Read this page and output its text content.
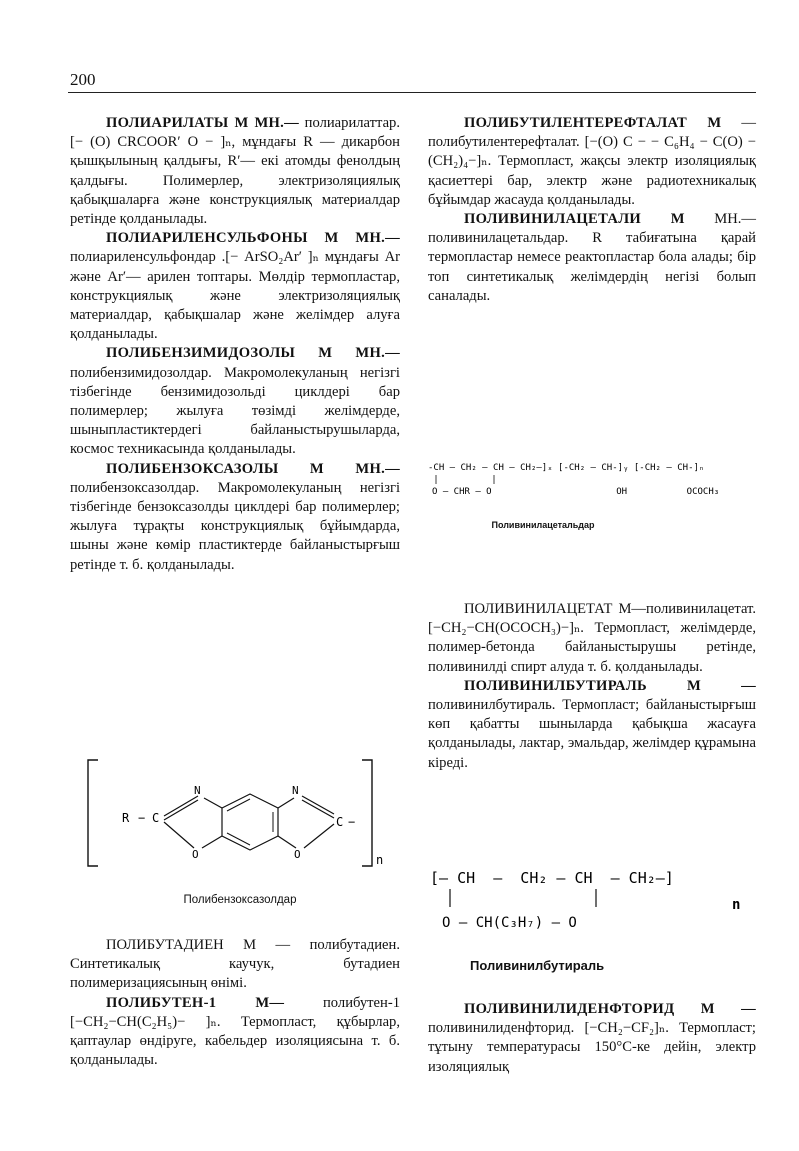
200

ПОЛИАРИЛАТЫ М МН.— полиарилаттар. [− (O) CRCOOR′ O − ]ₙ, мұндағы R — дикарбон қышқылының қалдығы, R′— екі атомды фенолдың қалдығы. Полимерлер, электризоляциялық қабықшаларға және конструкциялық материалдар ретінде қолданылады.

ПОЛИАРИЛЕНСУЛЬФОНЫ М МН.— полиариленсульфондар .[− ArSO₂Ar′ ]ₙ мұндағы Ar және Ar′— арилен топтары. Мөлдір термопластар, конструкциялық және электризоляциялық материалдар, қабықшалар және желімдер алуға қолданылады.

ПОЛИБЕНЗИМИДОЗОЛЫ М МН.— полибензимидозолдар. Макромолекуланың негізгі тізбегінде бензимидозольді циклдері бар полимерлер; жылуға төзімді желімдерде, шыныпластиктердегі байланыстырушыларда, космос техникасында қолданылады.

ПОЛИБЕНЗОКСАЗОЛЫ М МН.— полибензоксазолдар. Макромолекуланың негізгі тізбегінде бензоксазолды циклдері бар полимерлер; жылуға тұрақты конструкциялық бұйымдарда, шыны және көмір пластиктерде байланыстырғыш ретінде т. б. қолданылады.

n
R − C
N
O
N
O
C −
Полибензоксазолдар

ПОЛИБУТАДИЕН М — полибутадиен. Синтетикалық каучук, бутадиен полимеризациясының өнімі.

ПОЛИБУТЕН-1 М— полибутен-1 [−CH₂−CH(C₂H₅)− ]ₙ. Термопласт, құбырлар, қаптаулар өндіруге, кабельдер изоляциясына т. б. қолданылады.

ПОЛИБУТИЛЕНТЕРЕФТАЛАТ М — полибутилентерефталат. [−(O) C − − C₆H₄ − C(O) −(CH₂)₄−]ₙ. Термопласт, жақсы электр изоляциялық қасиеттері бар, электр және радиотехникалық бұйымдар жасауда қолданылады.

ПОЛИВИНИЛАЦЕТАЛИ М МН.— поливинилацетальдар. R табиғатына қарай термопластар немесе реактопластар бола алады; бір топ синтетикалық желімдердің негізі болып саналады.

-CH — CH₂ — CH — CH₂—]ₓ [-CH₂ — CH-]ᵧ [-CH₂ — CH-]ₙ
O — CHR — O                       OH           OCOCH₃
Поливинилацетальдар

ПОЛИВИНИЛАЦЕТАТ М—поливинилацетат. [−CH₂−CH(OCOCH₃)−]ₙ. Термопласт, желімдерде, полимер-бетонда байланыстырушы ретінде, поливинилді спирт алуда т. б. қолданылады.

ПОЛИВИНИЛБУТИРАЛЬ М — поливинилбутираль. Термопласт; байланыстырғыш көп қабатты шыныларда қабықша жасауға қолданылады, лактар, эмальдар, желімдер құрамына кіреді.

[— CH  —  CH₂ — CH  — CH₂—]
O — CH(C₃H₇) — O
n
Поливинилбутираль

ПОЛИВИНИЛИДЕНФТОРИД М — поливинилиденфторид. [−CH₂−CF₂]ₙ. Термопласт; тұтыну температурасы 150°C-ке дейін, электр изоляциялық
